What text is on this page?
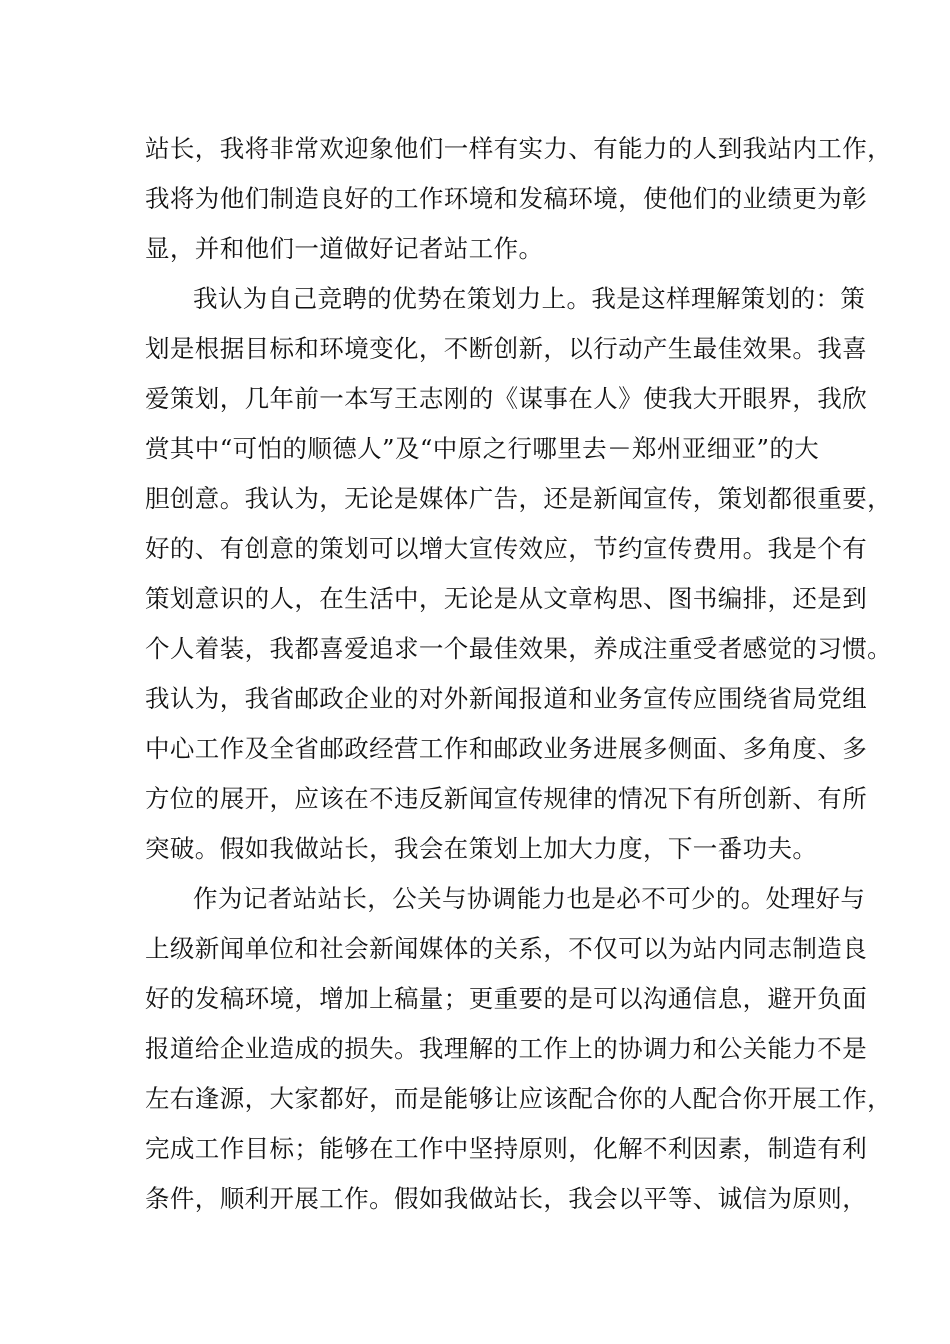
站长，我将非常欢迎象他们一样有实力、有能力的人到我站内工作，
我将为他们制造良好的工作环境和发稿环境，使他们的业绩更为彰
显，并和他们一道做好记者站工作。
我认为自己竞聘的优势在策划力上。我是这样理解策划的：策
划是根据目标和环境变化，不断创新，以行动产生最佳效果。我喜
爱策划，几年前一本写王志刚的《谋事在人》使我大开眼界，我欣
赏其中“可怕的顺德人”及“中原之行哪里去－郑州亚细亚”的大
胆创意。我认为，无论是媒体广告，还是新闻宣传，策划都很重要，
好的、有创意的策划可以增大宣传效应，节约宣传费用。我是个有
策划意识的人，在生活中，无论是从文章构思、图书编排，还是到
个人着装，我都喜爱追求一个最佳效果，养成注重受者感觉的习惯。
我认为，我省邮政企业的对外新闻报道和业务宣传应围绕省局党组
中心工作及全省邮政经营工作和邮政业务进展多侧面、多角度、多
方位的展开，应该在不违反新闻宣传规律的情况下有所创新、有所
突破。假如我做站长，我会在策划上加大力度，下一番功夫。
作为记者站站长，公关与协调能力也是必不可少的。处理好与
上级新闻单位和社会新闻媒体的关系，不仅可以为站内同志制造良
好的发稿环境，增加上稿量；更重要的是可以沟通信息，避开负面
报道给企业造成的损失。我理解的工作上的协调力和公关能力不是
左右逢源，大家都好，而是能够让应该配合你的人配合你开展工作，
完成工作目标；能够在工作中坚持原则，化解不利因素，制造有利
条件，顺利开展工作。假如我做站长，我会以平等、诚信为原则，
